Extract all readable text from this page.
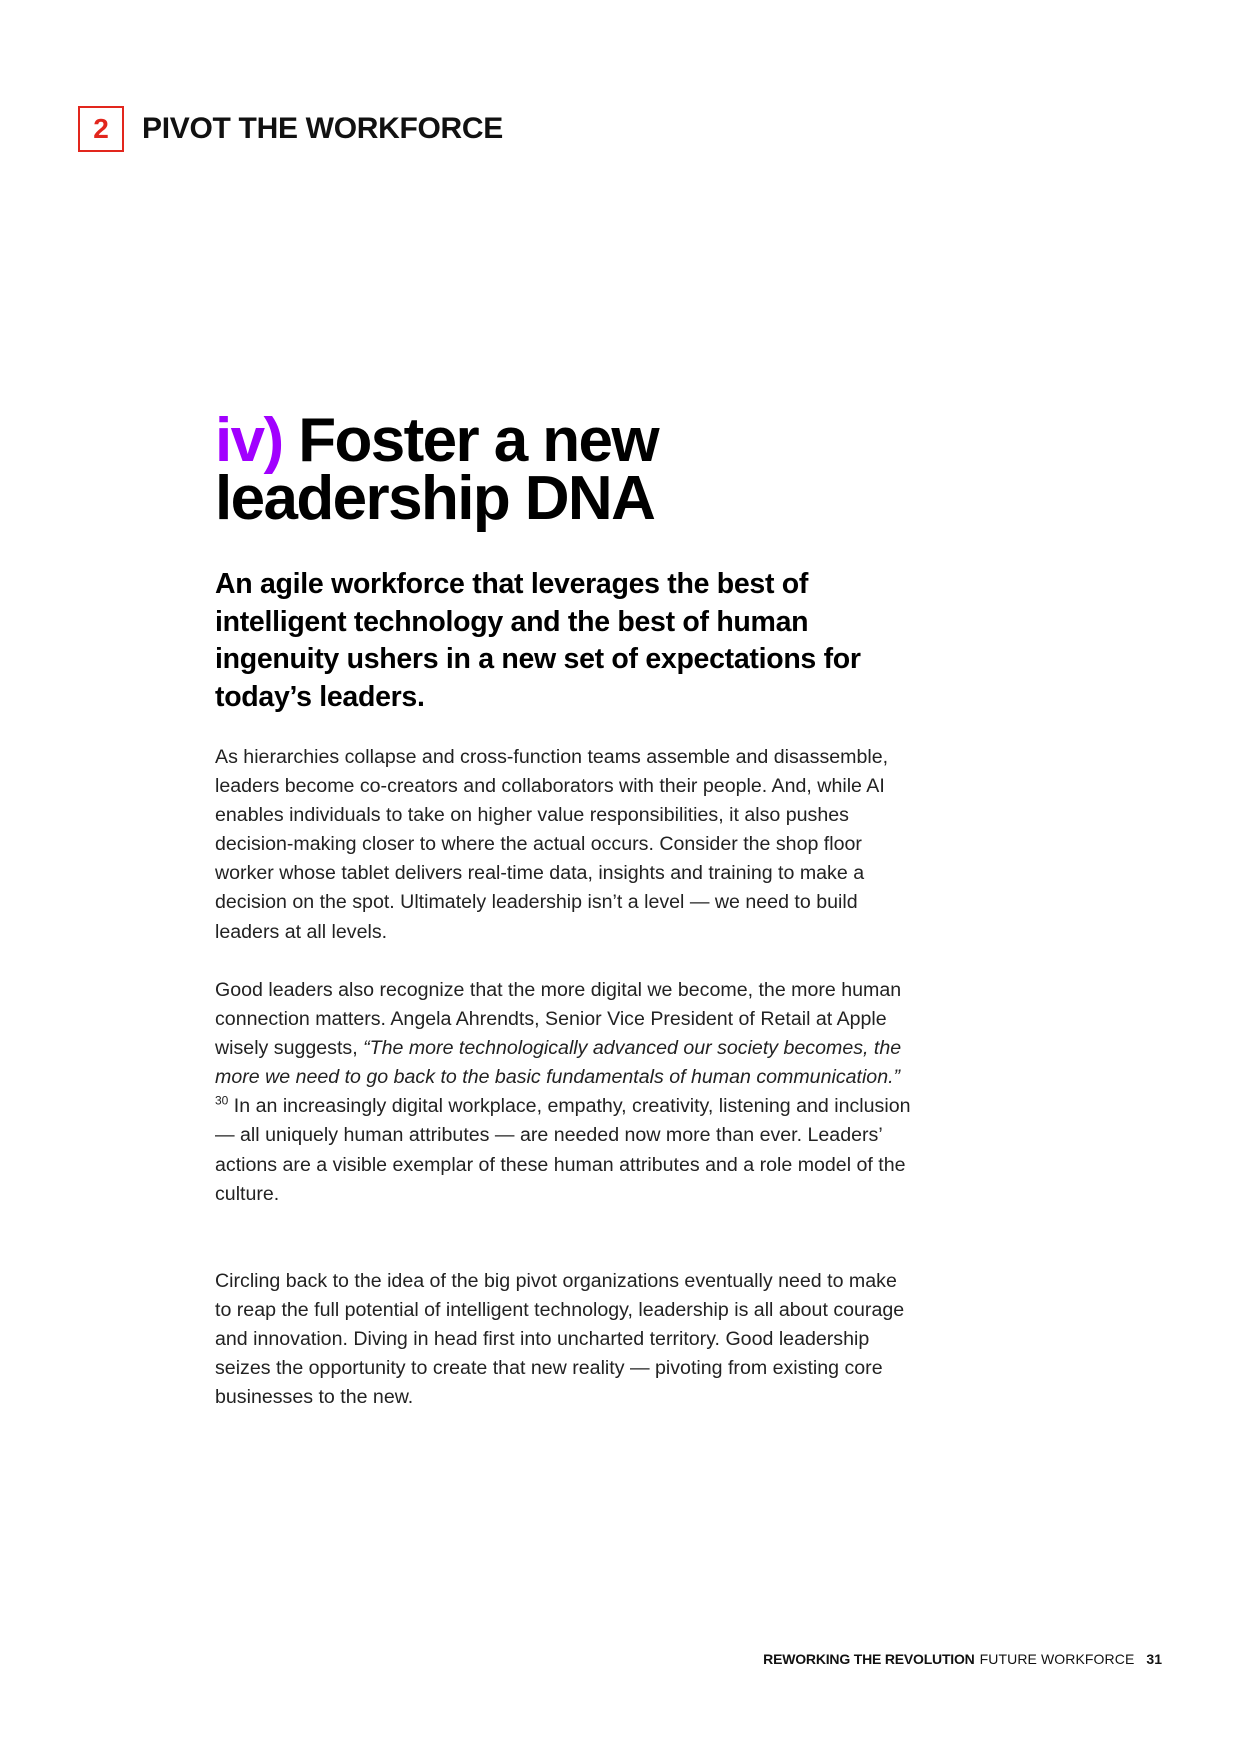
2	PIVOT THE WORKFORCE
iv) Foster a new
leadership DNA

An agile workforce that leverages the best of intelligent technology and the best of human ingenuity ushers in a new set of expectations for today’s leaders.

As hierarchies collapse and cross-function teams assemble and disassemble, leaders become co-creators and collaborators with their people. And, while AI enables individuals to take on higher value responsibilities, it also pushes decision-making closer to where the actual occurs. Consider the shop floor worker whose tablet delivers real-time data, insights and training to make a decision on the spot. Ultimately leadership isn’t a level — we need to build leaders at all levels.

Good leaders also recognize that the more digital we become, the more human connection matters. Angela Ahrendts, Senior Vice President of Retail at Apple wisely suggests, “The more technologically advanced our society becomes, the more we need to go back to the basic fundamentals of human communication.” $^{30}$ In an increasingly digital workplace, empathy, creativity, listening and inclusion — all uniquely human attributes — are needed now more than ever. Leaders’ actions are a visible exemplar of these human attributes and a role model of the culture.

Circling back to the idea of the big pivot organizations eventually need to make to reap the full potential of intelligent technology, leadership is all about courage and innovation. Diving in head first into uncharted territory. Good leadership seizes the opportunity to create that new reality — pivoting from existing core businesses to the new.

REWORKING THE REVOLUTION FUTURE WORKFORCE 31
